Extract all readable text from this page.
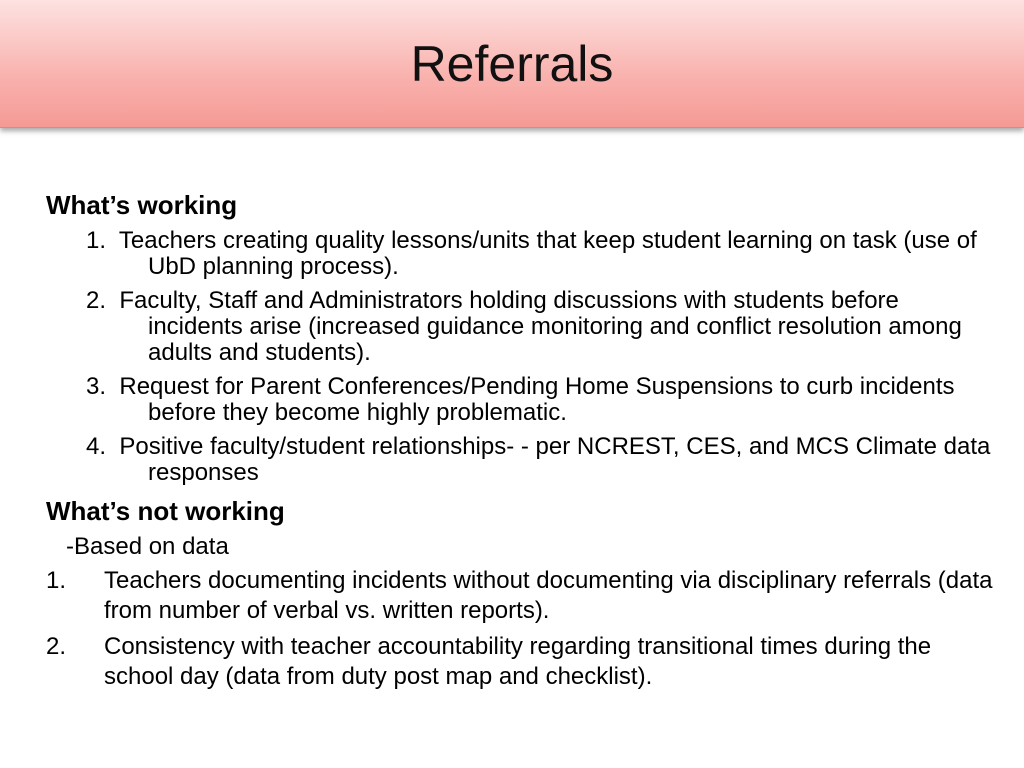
Referrals
What’s working
1. Teachers creating quality lessons/units that keep student learning on task (use of UbD planning process).
2. Faculty, Staff and Administrators holding discussions with students before incidents arise (increased guidance monitoring and conflict resolution among adults and students).
3. Request for Parent Conferences/Pending Home Suspensions to curb incidents before they become highly problematic.
4. Positive faculty/student relationships- - per NCREST, CES, and MCS Climate data responses
What’s not working
-Based on data
1. Teachers documenting incidents without documenting via disciplinary referrals (data from number of verbal vs. written reports).
2. Consistency with teacher accountability regarding transitional times during the school day (data from duty post map and checklist).
